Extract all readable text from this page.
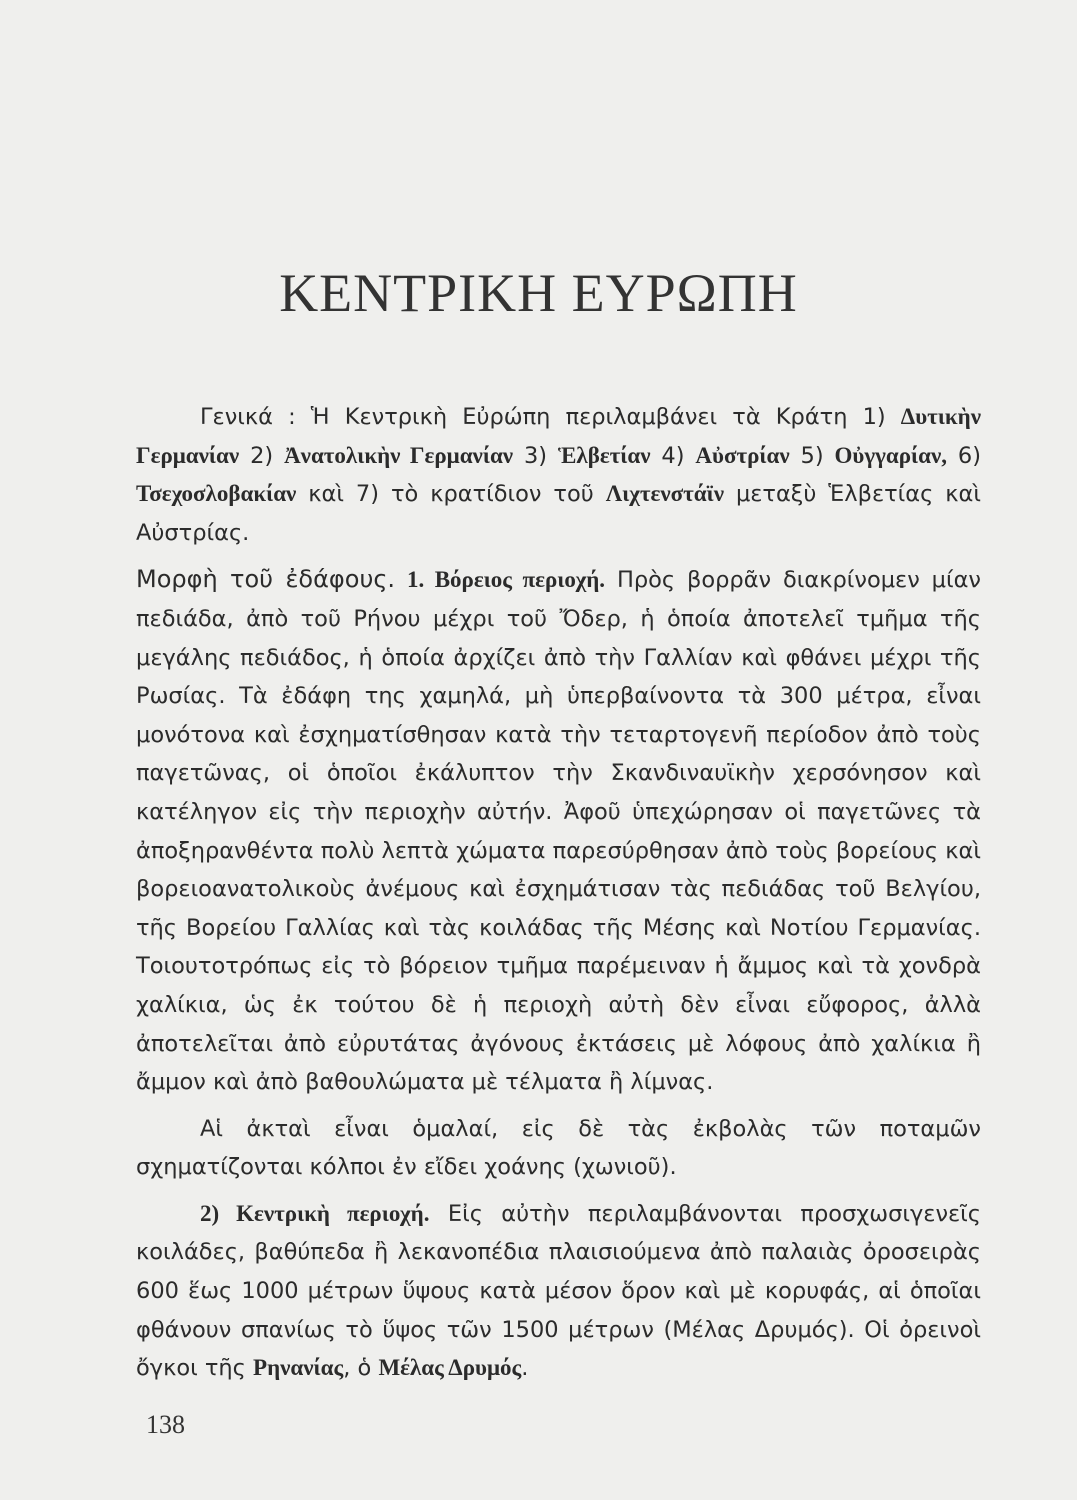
ΚΕΝΤΡΙΚΗ ΕΥΡΩΠΗ

Γενικά : Ἡ Κεντρικὴ Εὐρώπη περιλαμβάνει τὰ Κράτη 1) Δυτικὴν Γερμανίαν 2) Ἀνατολικὴν Γερμανίαν 3) Ἑλβετίαν 4) Αὐστρίαν 5) Οὐγγαρίαν, 6) Τσεχοσλοβακίαν καὶ 7) τὸ κρατίδιον τοῦ Λιχτενστάϊν μεταξὺ Ἑλβετίας καὶ Αὐστρίας.

Μορφὴ τοῦ ἐδάφους. 1. Βόρειος περιοχή. Πρὸς βορρᾶν διακρίνομεν μίαν πεδιάδα, ἀπὸ τοῦ Ρήνου μέχρι τοῦ Ὄδερ, ἡ ὁποία ἀποτελεῖ τμῆμα τῆς μεγάλης πεδιάδος, ἡ ὁποία ἀρχίζει ἀπὸ τὴν Γαλλίαν καὶ φθάνει μέχρι τῆς Ρωσίας. Τὰ ἐδάφη της χαμηλά, μὴ ὑπερβαίνοντα τὰ 300 μέτρα, εἶναι μονότονα καὶ ἐσχηματίσθησαν κατὰ τὴν τεταρτογενῆ περίοδον ἀπὸ τοὺς παγετῶνας, οἱ ὁποῖοι ἐκάλυπτον τὴν Σκανδιναυϊκὴν χερσόνησον καὶ κατέληγον εἰς τὴν περιοχὴν αὐτήν. Ἀφοῦ ὑπεχώρησαν οἱ παγετῶνες τὰ ἀποξηρανθέντα πολὺ λεπτὰ χώματα παρεσύρθησαν ἀπὸ τοὺς βορείους καὶ βορειοανατολικοὺς ἀνέμους καὶ ἐσχημάτισαν τὰς πεδιάδας τοῦ Βελγίου, τῆς Βορείου Γαλλίας καὶ τὰς κοιλάδας τῆς Μέσης καὶ Νοτίου Γερμανίας. Τοιουτοτρόπως εἰς τὸ βόρειον τμῆμα παρέμειναν ἡ ἄμμος καὶ τὰ χονδρὰ χαλίκια, ὡς ἐκ τούτου δὲ ἡ περιοχὴ αὐτὴ δὲν εἶναι εὔφορος, ἀλλὰ ἀποτελεῖται ἀπὸ εὐρυτάτας ἀγόνους ἐκτάσεις μὲ λόφους ἀπὸ χαλίκια ἢ ἄμμον καὶ ἀπὸ βαθουλώματα μὲ τέλματα ἢ λίμνας.

Αἱ ἀκταὶ εἶναι ὁμαλαί, εἰς δὲ τὰς ἐκβολὰς τῶν ποταμῶν σχηματίζονται κόλποι ἐν εἴδει χοάνης (χωνιοῦ).

2) Κεντρικὴ περιοχή. Εἰς αὐτὴν περιλαμβάνονται προσχωσιγενεῖς κοιλάδες, βαθύπεδα ἢ λεκανοπέδια πλαισιούμενα ἀπὸ παλαιὰς ὀροσειρὰς 600 ἕως 1000 μέτρων ὕψους κατὰ μέσον ὅρον καὶ μὲ κορυφάς, αἱ ὁποῖαι φθάνουν σπανίως τὸ ὕψος τῶν 1500 μέτρων (Μέλας Δρυμός). Οἱ ὀρεινοὶ ὄγκοι τῆς Ρηνανίας, ὁ Μέλας Δρυμός.

138
